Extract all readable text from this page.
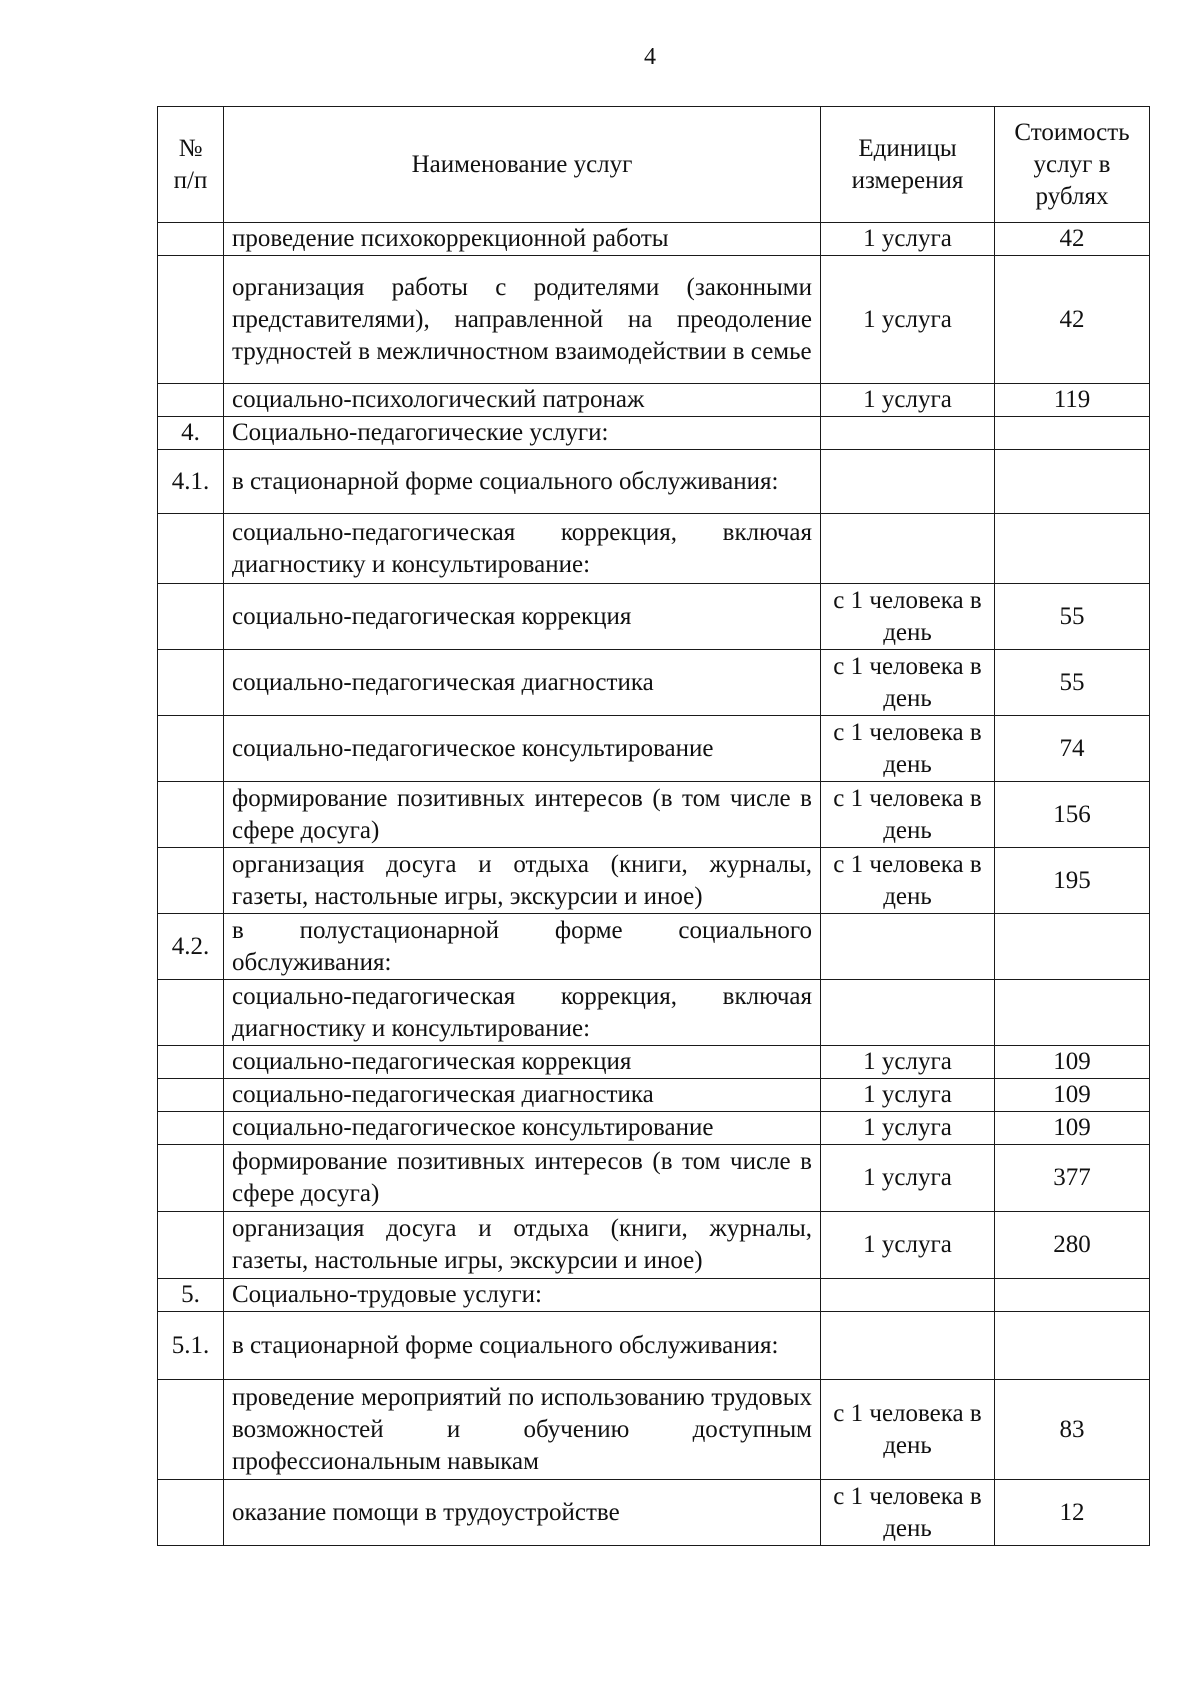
4
№ п/п	Наименование услуг	Единицы измерения	Стоимость услуг в рублях
	проведение психокоррекционной работы	1 услуга	42
	организация работы с родителями (законными представителями), направленной на преодоление трудностей в межличностном взаимодействии в семье	1 услуга	42
	социально-психологический патронаж	1 услуга	119
4.	Социально-педагогические услуги:		
4.1.	в стационарной форме социального обслуживания:		
	социально-педагогическая коррекция, включая диагностику и консультирование:		
	социально-педагогическая коррекция	с 1 человека в день	55
	социально-педагогическая диагностика	с 1 человека в день	55
	социально-педагогическое консультирование	с 1 человека в день	74
	формирование позитивных интересов (в том числе в сфере досуга)	с 1 человека в день	156
	организация досуга и отдыха (книги, журналы, газеты, настольные игры, экскурсии и иное)	с 1 человека в день	195
4.2.	в полустационарной форме социального обслуживания:		
	социально-педагогическая коррекция, включая диагностику и консультирование:		
	социально-педагогическая коррекция	1 услуга	109
	социально-педагогическая диагностика	1 услуга	109
	социально-педагогическое консультирование	1 услуга	109
	формирование позитивных интересов (в том числе в сфере досуга)	1 услуга	377
	организация досуга и отдыха (книги, журналы, газеты, настольные игры, экскурсии и иное)	1 услуга	280
5.	Социально-трудовые услуги:		
5.1.	в стационарной форме социального обслуживания:		
	проведение мероприятий по использованию трудовых возможностей и обучению доступным профессиональным навыкам	с 1 человека в день	83
	оказание помощи в трудоустройстве	с 1 человека в день	12
